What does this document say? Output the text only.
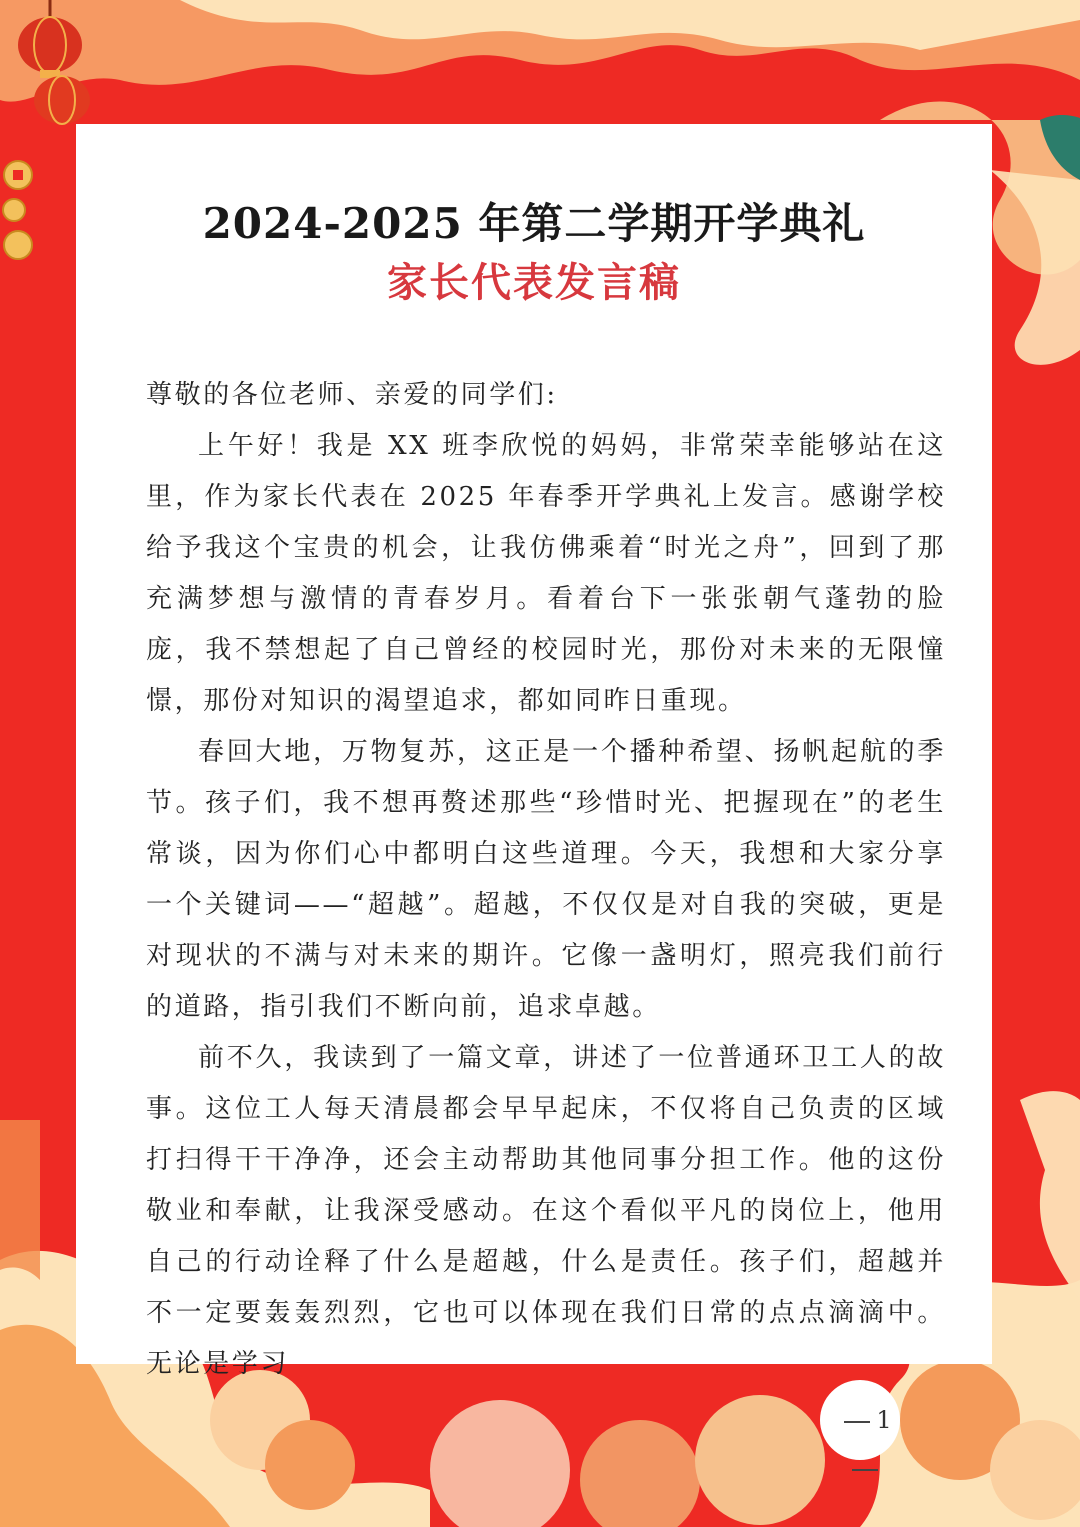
2024-2025 年第二学期开学典礼
家长代表发言稿

尊敬的各位老师、亲爱的同学们:

上午好！我是 XX 班李欣悦的妈妈，非常荣幸能够站在这里，作为家长代表在 2025 年春季开学典礼上发言。感谢学校给予我这个宝贵的机会，让我仿佛乘着“时光之舟”，回到了那充满梦想与激情的青春岁月。看着台下一张张朝气蓬勃的脸庞，我不禁想起了自己曾经的校园时光，那份对未来的无限憧憬，那份对知识的渴望追求，都如同昨日重现。

春回大地，万物复苏，这正是一个播种希望、扬帆起航的季节。孩子们，我不想再赘述那些“珍惜时光、把握现在”的老生常谈，因为你们心中都明白这些道理。今天，我想和大家分享一个关键词——“超越”。超越，不仅仅是对自我的突破，更是对现状的不满与对未来的期许。它像一盏明灯，照亮我们前行的道路，指引我们不断向前，追求卓越。

前不久，我读到了一篇文章，讲述了一位普通环卫工人的故事。这位工人每天清晨都会早早起床，不仅将自己负责的区域打扫得干干净净，还会主动帮助其他同事分担工作。他的这份敬业和奉献，让我深受感动。在这个看似平凡的岗位上，他用自己的行动诠释了什么是超越，什么是责任。孩子们，超越并不一定要轰轰烈烈，它也可以体现在我们日常的点点滴滴中。无论是学习

1
